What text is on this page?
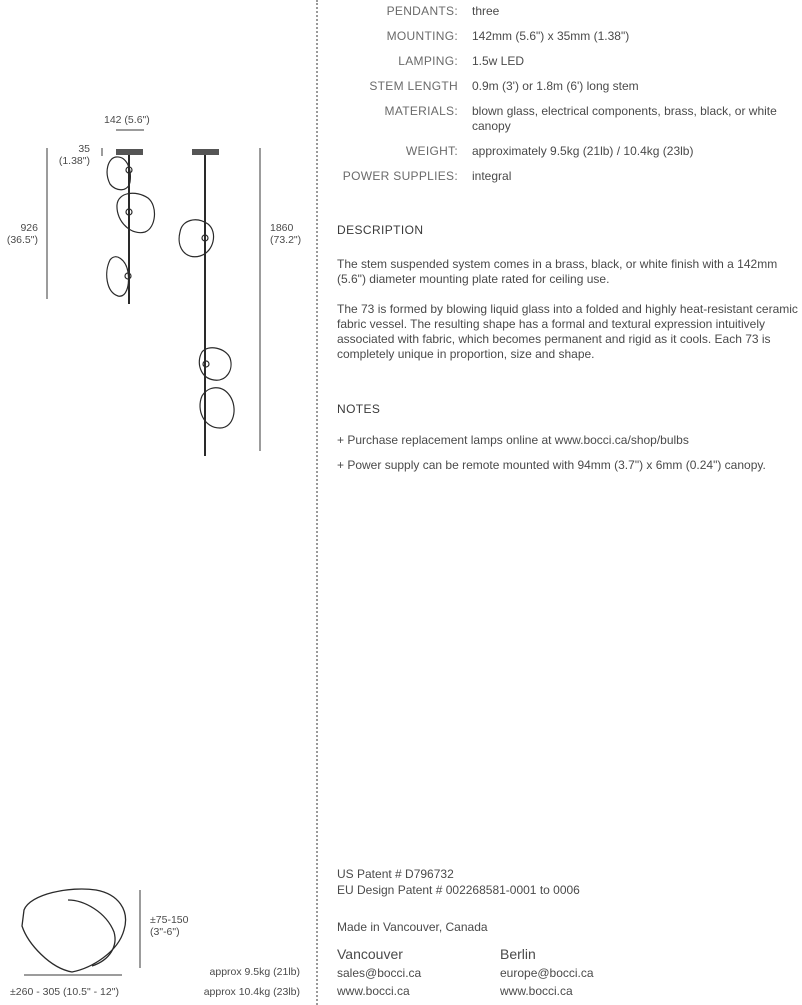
142 (5.6")
35
(1.38")
926
(36.5")
1860
(73.2")
±75-150
(3"-6")
±260 - 305 (10.5" - 12")
approx 9.5kg (21lb)
approx 10.4kg (23lb)
PENDANTS:	three
MOUNTING:	142mm (5.6") x 35mm (1.38")
LAMPING:	1.5w LED
STEM LENGTH	0.9m (3') or 1.8m (6') long stem
MATERIALS:	blown glass, electrical components, brass, black, or white canopy
WEIGHT:	approximately 9.5kg (21lb) / 10.4kg (23lb)
POWER SUPPLIES:	integral
DESCRIPTION

The stem suspended system comes in a brass, black, or white finish with a 142mm (5.6") diameter mounting plate rated for ceiling use.

The 73 is formed by blowing liquid glass into a folded and highly heat-resistant ceramic fabric vessel. The resulting shape has a formal and textural expression intuitively associated with fabric, which becomes permanent and rigid as it cools. Each 73 is completely unique in proportion, size and shape.

NOTES
+ Purchase replacement lamps online at www.bocci.ca/shop/bulbs
+ Power supply can be remote mounted with 94mm (3.7") x 6mm (0.24") canopy.
US Patent # D796732
EU Design Patent # 002268581-0001 to 0006
Made in Vancouver, Canada
Vancouver
sales@bocci.ca
www.bocci.ca
Berlin
europe@bocci.ca
www.bocci.ca
